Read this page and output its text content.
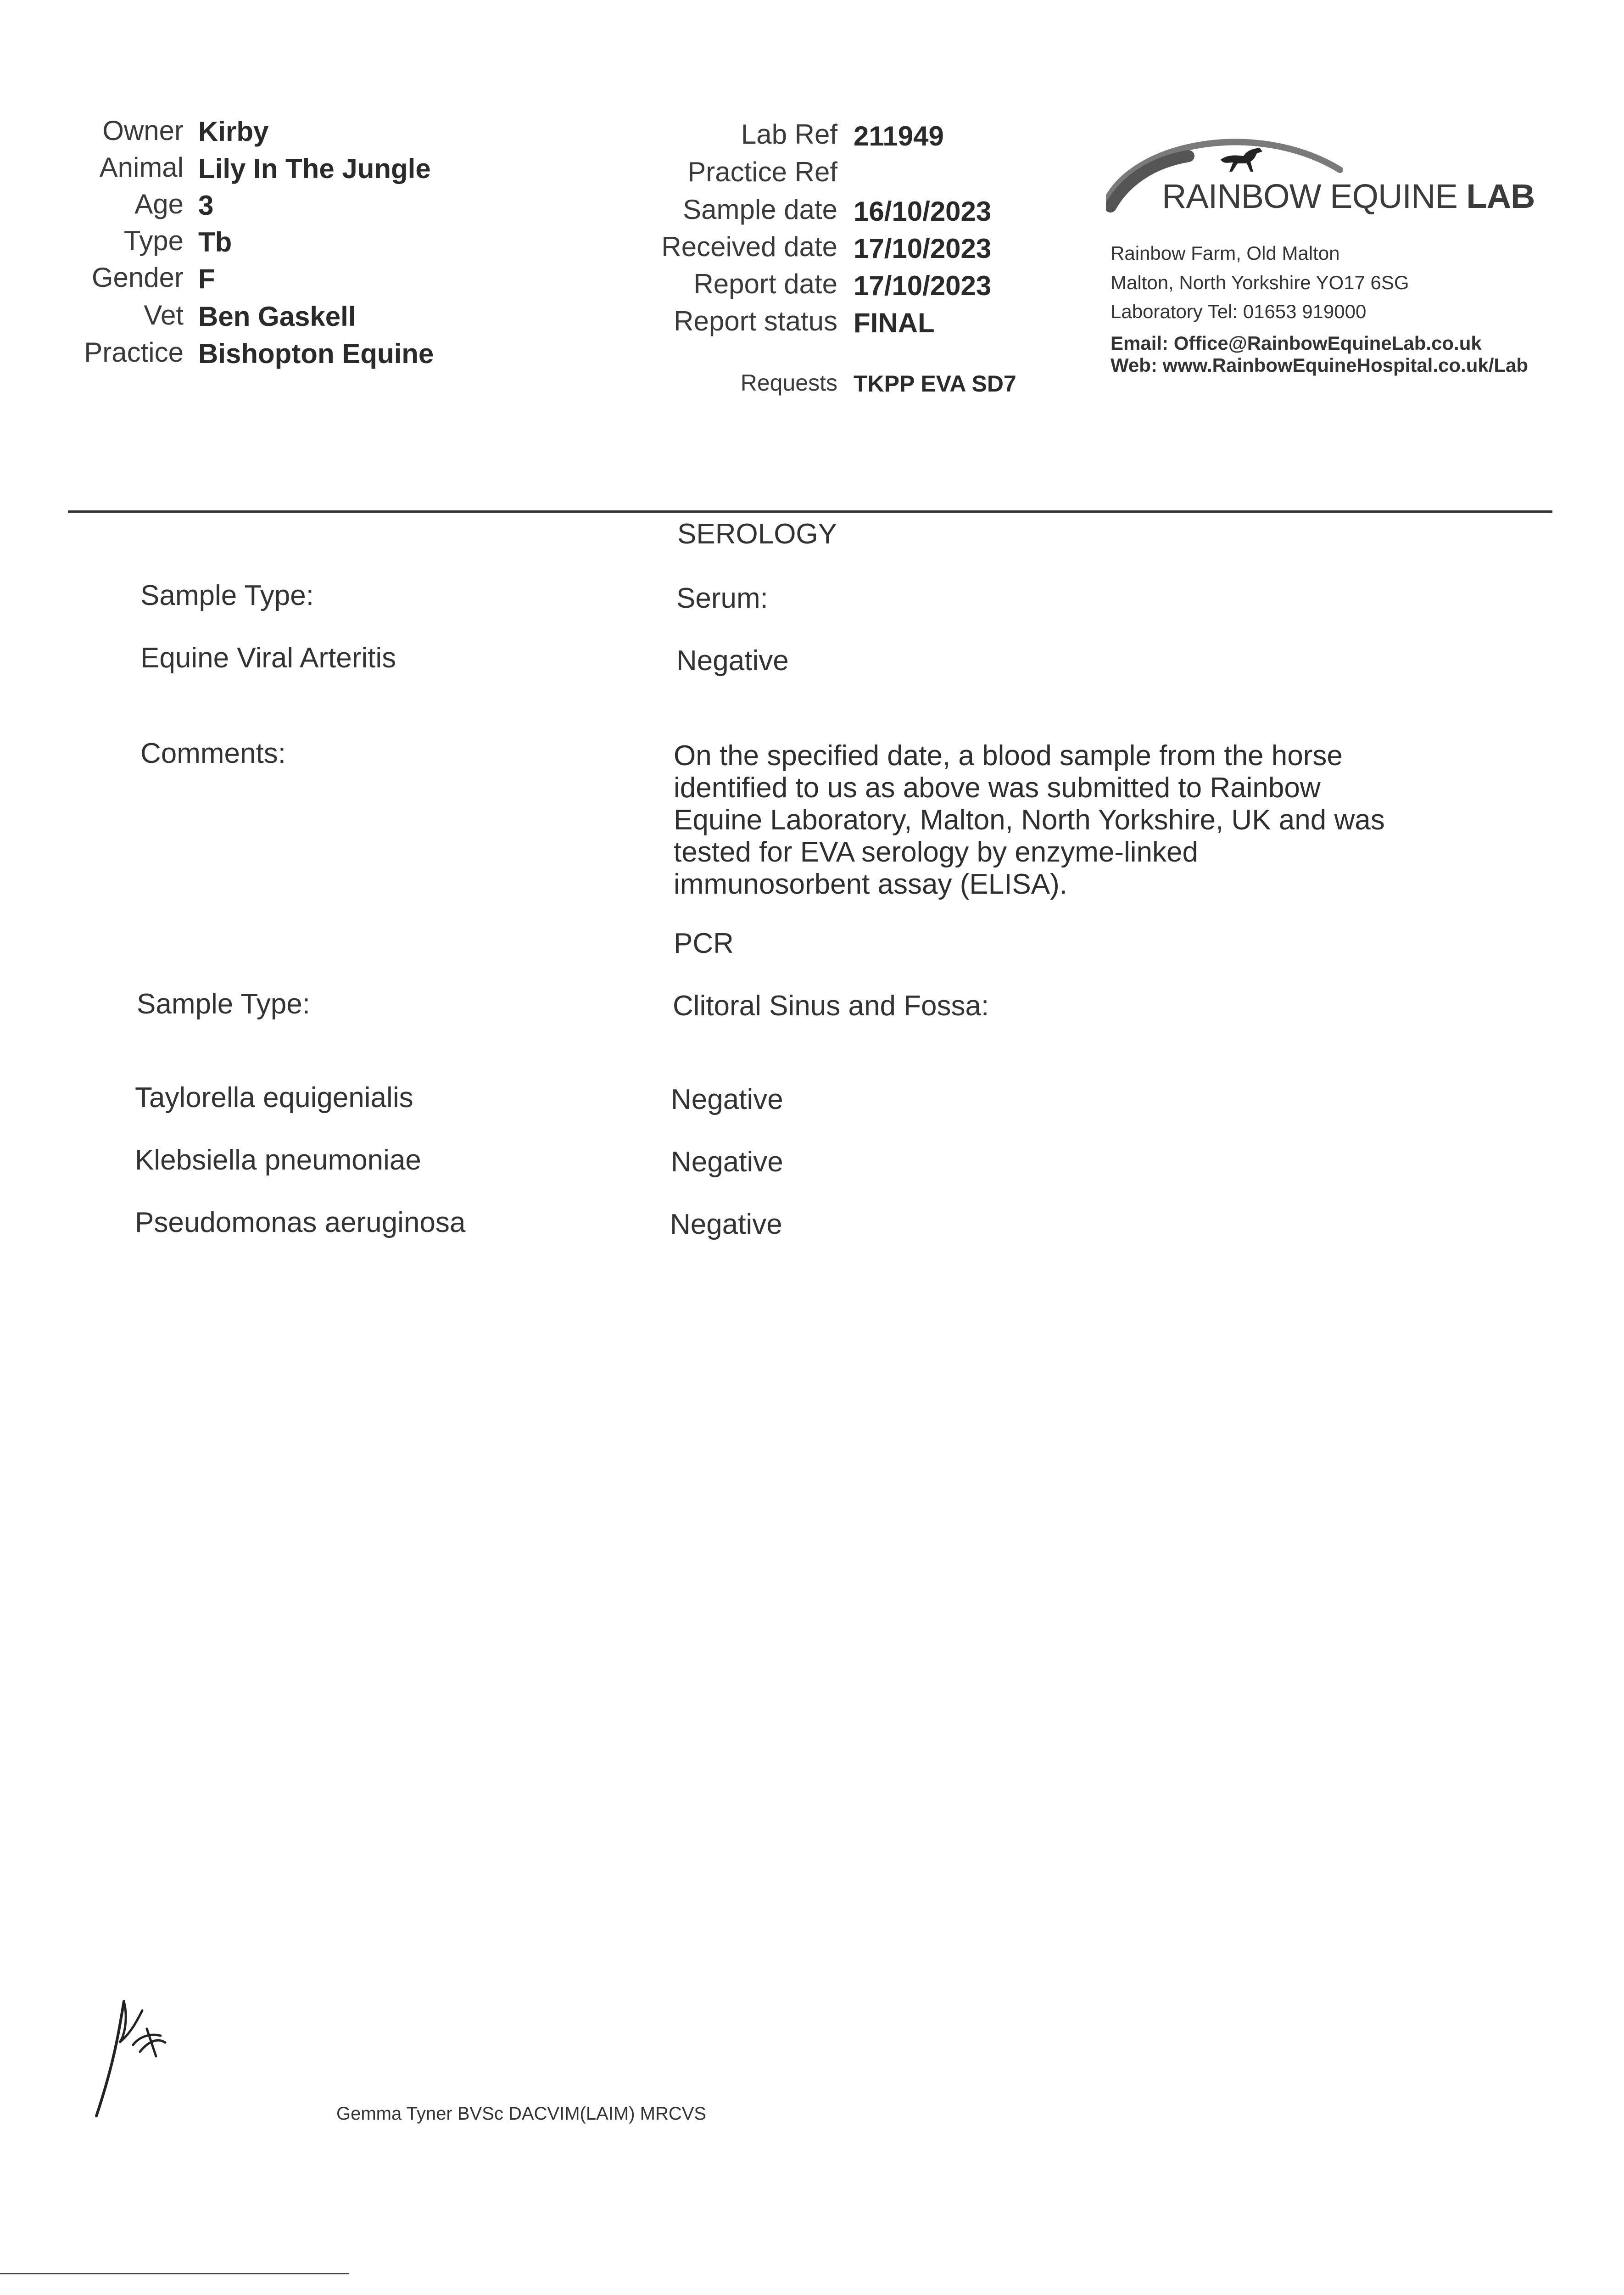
Owner Kirby
Animal Lily In The Jungle
Age 3
Type Tb
Gender F
Vet Ben Gaskell
Practice Bishopton Equine
Lab Ref 211949
Practice Ref
Sample date 16/10/2023
Received date 17/10/2023
Report date 17/10/2023
Report status FINAL
Requests TKPP EVA SD7
RAINBOW EQUINE LAB
Rainbow Farm, Old Malton
Malton, North Yorkshire YO17 6SG
Laboratory Tel: 01653 919000
Email: Office@RainbowEquineLab.co.uk
Web: www.RainbowEquineHospital.co.uk/Lab
SEROLOGY
Sample Type:	Serum:
Equine Viral Arteritis	Negative
Comments:	On the specified date, a blood sample from the horse identified to us as above was submitted to Rainbow Equine Laboratory, Malton, North Yorkshire, UK and was tested for EVA serology by enzyme-linked immunosorbent assay (ELISA).
PCR
Sample Type:	Clitoral Sinus and Fossa:
Taylorella equigenialis	Negative
Klebsiella pneumoniae	Negative
Pseudomonas aeruginosa	Negative
Gemma Tyner BVSc DACVIM(LAIM) MRCVS
